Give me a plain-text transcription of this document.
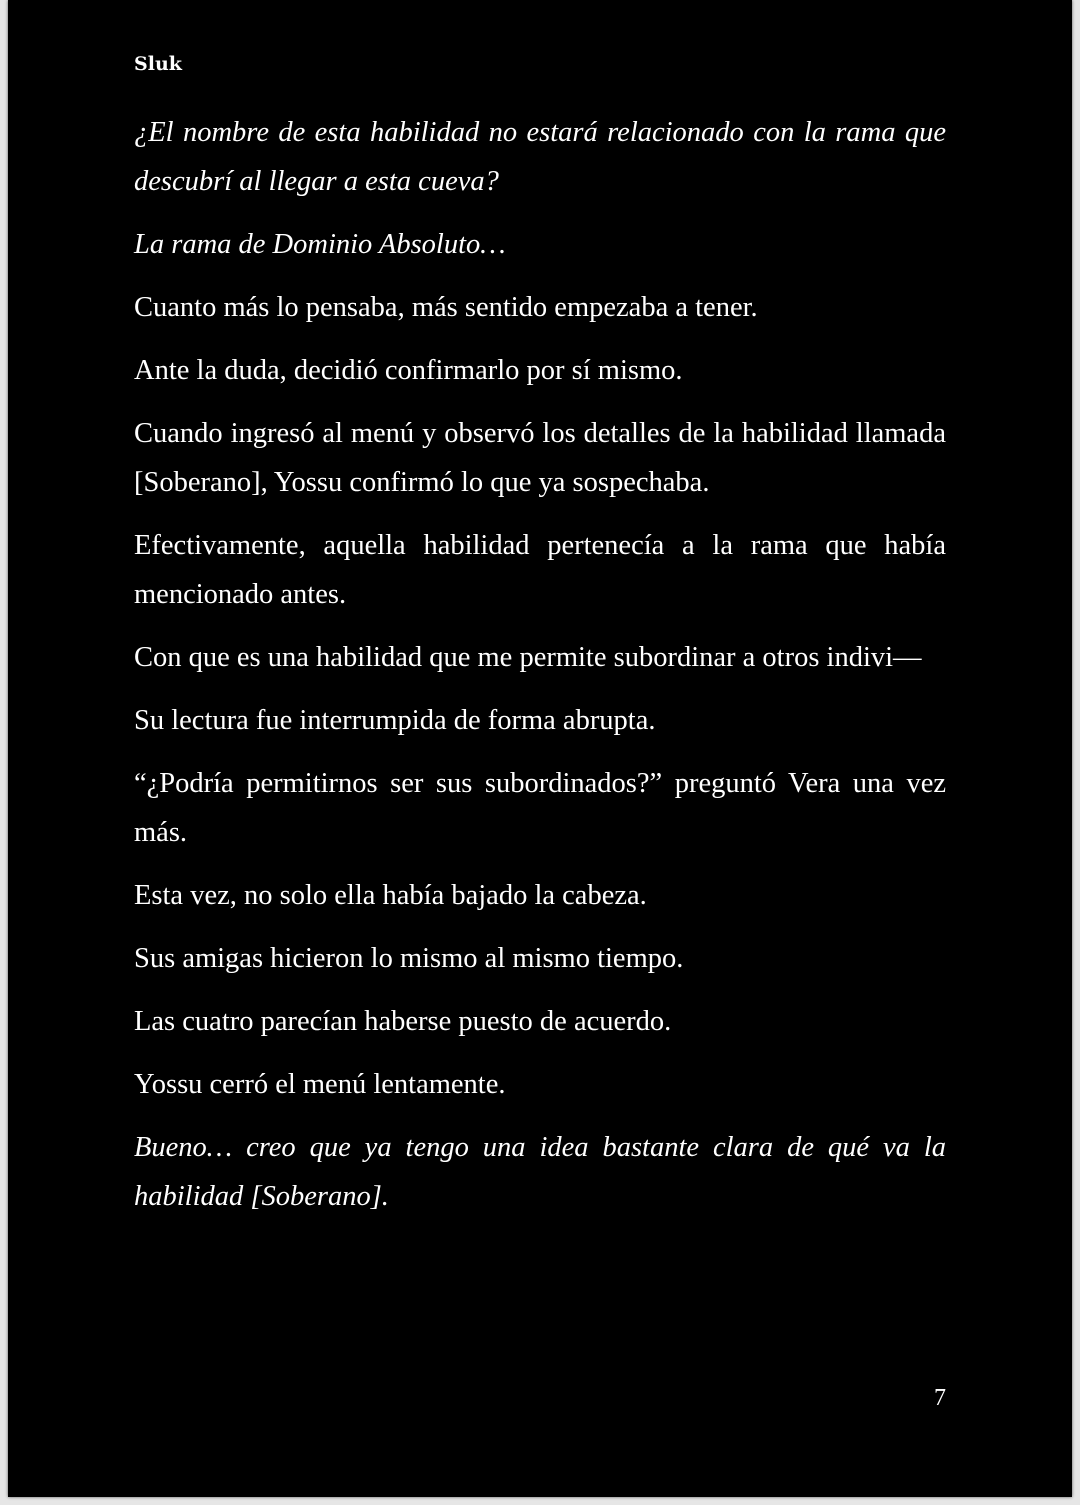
Sluk

¿El nombre de esta habilidad no estará relacionado con la rama que descubrí al llegar a esta cueva?

La rama de Dominio Absoluto…

Cuanto más lo pensaba, más sentido empezaba a tener.

Ante la duda, decidió confirmarlo por sí mismo.

Cuando ingresó al menú y observó los detalles de la habilidad llamada [Soberano], Yossu confirmó lo que ya sospechaba.

Efectivamente, aquella habilidad pertenecía a la rama que había mencionado antes.

Con que es una habilidad que me permite subordinar a otros indivi—

Su lectura fue interrumpida de forma abrupta.

“¿Podría permitirnos ser sus subordinados?” preguntó Vera una vez más.

Esta vez, no solo ella había bajado la cabeza.

Sus amigas hicieron lo mismo al mismo tiempo.

Las cuatro parecían haberse puesto de acuerdo.

Yossu cerró el menú lentamente.

Bueno… creo que ya tengo una idea bastante clara de qué va la habilidad [Soberano].

7
